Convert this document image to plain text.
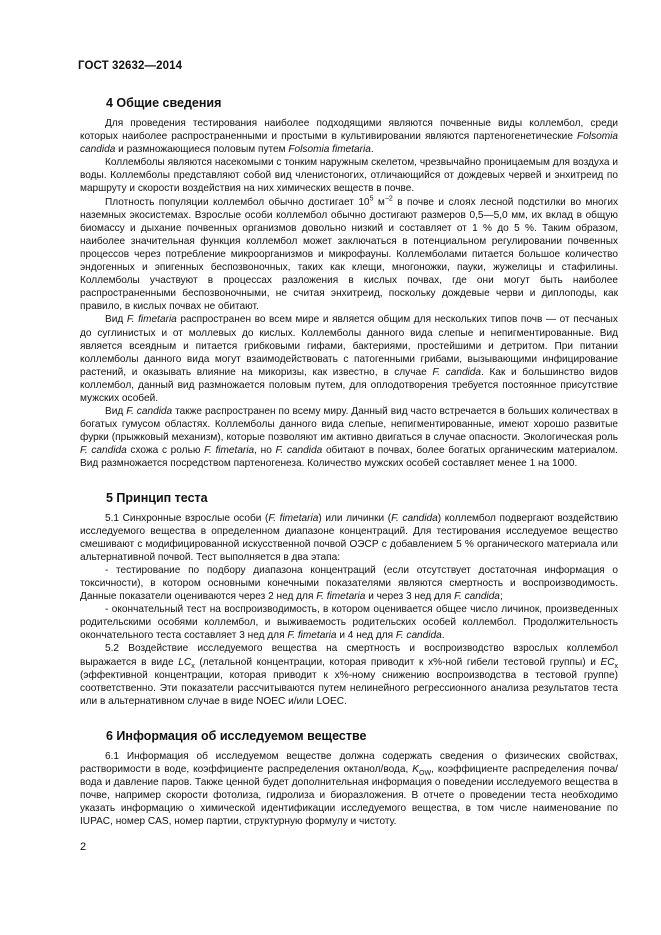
ГОСТ 32632—2014
4 Общие сведения

Для проведения тестирования наиболее подходящими являются почвенные виды коллембол, среди которых наиболее распространенными и простыми в культивировании являются партеногенетические Folsomia candida и размножающиеся половым путем Folsomia fimetaria.

Коллемболы являются насекомыми с тонким наружным скелетом, чрезвычайно проницаемым для воздуха и воды. Коллемболы представляют собой вид членистоногих, отличающийся от дождевых червей и энхитреид по маршруту и скорости воздействия на них химических веществ в почве.

Плотность популяции коллембол обычно достигает $10^5$ $м^{-2}$ в почве и слоях лесной подстилки во многих наземных экосистемах. Взрослые особи коллембол обычно достигают размеров 0,5—5,0 мм, их вклад в общую биомассу и дыхание почвенных организмов довольно низкий и составляет от 1 % до 5 %. Таким образом, наиболее значительная функция коллембол может заключаться в потенциальном регулировании почвенных процессов через потребление микроорганизмов и микрофауны. Коллемболами питается большое количество эндогенных и эпигенных беспозвоночных, таких как клещи, многоножки, пауки, жужелицы и стафилины. Коллемболы участвуют в процессах разложения в кислых почвах, где они могут быть наиболее распространенными беспозвоночными, не считая энхитреид, поскольку дождевые черви и диплоподы, как правило, в кислых почвах не обитают.

Вид F. fimetaria распространен во всем мире и является общим для нескольких типов почв — от песчаных до суглинистых и от моллевых до кислых. Коллемболы данного вида слепые и непигментированные. Вид является всеядным и питается грибковыми гифами, бактериями, простейшими и детритом. При питании коллемболы данного вида могут взаимодействовать с патогенными грибами, вызывающими инфицирование растений, и оказывать влияние на микоризы, как известно, в случае F. candida. Как и большинство видов коллембол, данный вид размножается половым путем, для оплодотворения требуется постоянное присутствие мужских особей.

Вид F. candida также распространен по всему миру. Данный вид часто встречается в больших количествах в богатых гумусом областях. Коллемболы данного вида слепые, непигментированные, имеют хорошо развитые фурки (прыжковый механизм), которые позволяют им активно двигаться в случае опасности. Экологическая роль F. candida схожа с ролью F. fimetaria, но F. candida обитают в почвах, более богатых органическим материалом. Вид размножается посредством партеногенеза. Количество мужских особей составляет менее 1 на 1000.

5 Принцип теста

5.1 Синхронные взрослые особи (F. fimetaria) или личинки (F. candida) коллембол подвергают воздействию исследуемого вещества в определенном диапазоне концентраций. Для тестирования исследуемое вещество смешивают с модифицированной искусственной почвой ОЭСР с добавлением 5 % органического материала или альтернативной почвой. Тест выполняется в два этапа:

- тестирование по подбору диапазона концентраций (если отсутствует достаточная информация о токсичности), в котором основными конечными показателями являются смертность и воспроизводимость. Данные показатели оцениваются через 2 нед для F. fimetaria и через 3 нед для F. candida;

- окончательный тест на воспроизводимость, в котором оценивается общее число личинок, произведенных родительскими особями коллембол, и выживаемость родительских особей коллембол. Продолжительность окончательного теста составляет 3 нед для F. fimetaria и 4 нед для F. candida.

5.2 Воздействие исследуемого вещества на смертность и воспроизводство взрослых коллембол выражается в виде $LC_x$ (летальной концентрации, которая приводит к x%-ной гибели тестовой группы) и $EC_x$ (эффективной концентрации, которая приводит к x%-ному снижению воспроизводства в тестовой группе) соответственно. Эти показатели рассчитываются путем нелинейного регрессионного анализа результатов теста или в альтернативном случае в виде NOEC и/или LOEC.

6 Информация об исследуемом веществе

6.1 Информация об исследуемом веществе должна содержать сведения о физических свойствах, растворимости в воде, коэффициенте распределения октанол/вода, $K_{OW}$, коэффициенте распределения почва/вода и давление паров. Также ценной будет дополнительная информация о поведении исследуемого вещества в почве, например скорости фотолиза, гидролиза и биоразложения. В отчете о проведении теста необходимо указать информацию о химической идентификации исследуемого вещества, в том числе наименование по IUPAC, номер CAS, номер партии, структурную формулу и чистоту.

2
